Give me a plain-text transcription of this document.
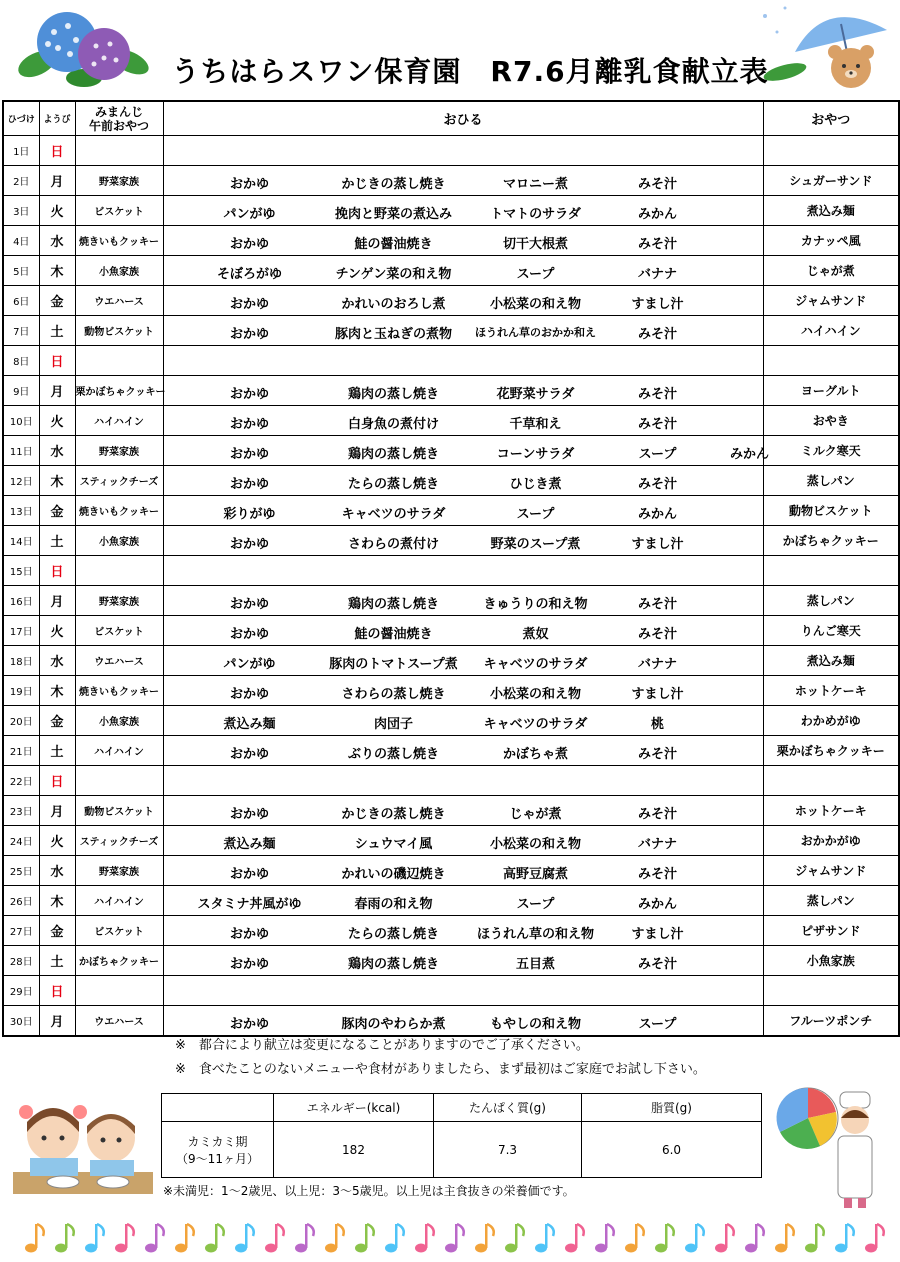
うちはらスワン保育園　R7.6月離乳食献立表
ひづけ	ようび	みまんじ
午前おやつ	おひる	おやつ
1日	日		

2日	月	野菜家族	おかゆ かじきの蒸し焼き マロニー煮 みそ汁	シュガーサンド
3日	火	ビスケット	パンがゆ 挽肉と野菜の煮込み トマトのサラダ みかん	煮込み麺
4日	水	焼きいもクッキー	おかゆ 鮭の醤油焼き 切干大根煮 みそ汁	カナッペ風
5日	木	小魚家族	そぼろがゆ チンゲン菜の和え物 スープ バナナ	じゃが煮
6日	金	ウエハース	おかゆ かれいのおろし煮 小松菜の和え物 すまし汁	ジャムサンド
7日	土	動物ビスケット	おかゆ 豚肉と玉ねぎの煮物 ほうれん草のおかか和え みそ汁	ハイハイン
8日	日		

9日	月	栗かぼちゃクッキー	おかゆ 鶏肉の蒸し焼き 花野菜サラダ みそ汁	ヨーグルト
10日	火	ハイハイン	おかゆ 白身魚の煮付け 千草和え みそ汁	おやき
11日	水	野菜家族	おかゆ 鶏肉の蒸し焼き コーンサラダ スープ みかん	ミルク寒天
12日	木	スティックチーズ	おかゆ たらの蒸し焼き ひじき煮 みそ汁	蒸しパン
13日	金	焼きいもクッキー	彩りがゆ キャベツのサラダ スープ みかん	動物ビスケット
14日	土	小魚家族	おかゆ さわらの煮付け 野菜のスープ煮 すまし汁	かぼちゃクッキー
15日	日		

16日	月	野菜家族	おかゆ 鶏肉の蒸し焼き きゅうりの和え物 みそ汁	蒸しパン
17日	火	ビスケット	おかゆ 鮭の醤油焼き 煮奴 みそ汁	りんご寒天
18日	水	ウエハース	パンがゆ 豚肉のトマトスープ煮 キャベツのサラダ バナナ	煮込み麺
19日	木	焼きいもクッキー	おかゆ さわらの蒸し焼き 小松菜の和え物 すまし汁	ホットケーキ
20日	金	小魚家族	煮込み麺 肉団子 キャベツのサラダ 桃	わかめがゆ
21日	土	ハイハイン	おかゆ ぶりの蒸し焼き かぼちゃ煮 みそ汁	栗かぼちゃクッキー
22日	日		

23日	月	動物ビスケット	おかゆ かじきの蒸し焼き じゃが煮 みそ汁	ホットケーキ
24日	火	スティックチーズ	煮込み麺 シュウマイ風 小松菜の和え物 バナナ	おかかがゆ
25日	水	野菜家族	おかゆ かれいの磯辺焼き 高野豆腐煮 みそ汁	ジャムサンド
26日	木	ハイハイン	スタミナ丼風がゆ 春雨の和え物 スープ みかん	蒸しパン
27日	金	ビスケット	おかゆ たらの蒸し焼き ほうれん草の和え物 すまし汁	ピザサンド
28日	土	かぼちゃクッキー	おかゆ 鶏肉の蒸し焼き 五目煮 みそ汁	小魚家族
29日	日		

30日	月	ウエハース	おかゆ 豚肉のやわらか煮 もやしの和え物 スープ	フルーツポンチ
※　都合により献立は変更になることがありますのでご了承ください。
※　食べたことのないメニューや食材がありましたら、まず最初はご家庭でお試し下さい。
	エネルギー(kcal)	たんぱく質(g)	脂質(g)
カミカミ期
（9～11ヶ月）	182	7.3	6.0
※未満児：1～2歳児、以上児：3～5歳児。以上児は主食抜きの栄養価です。
